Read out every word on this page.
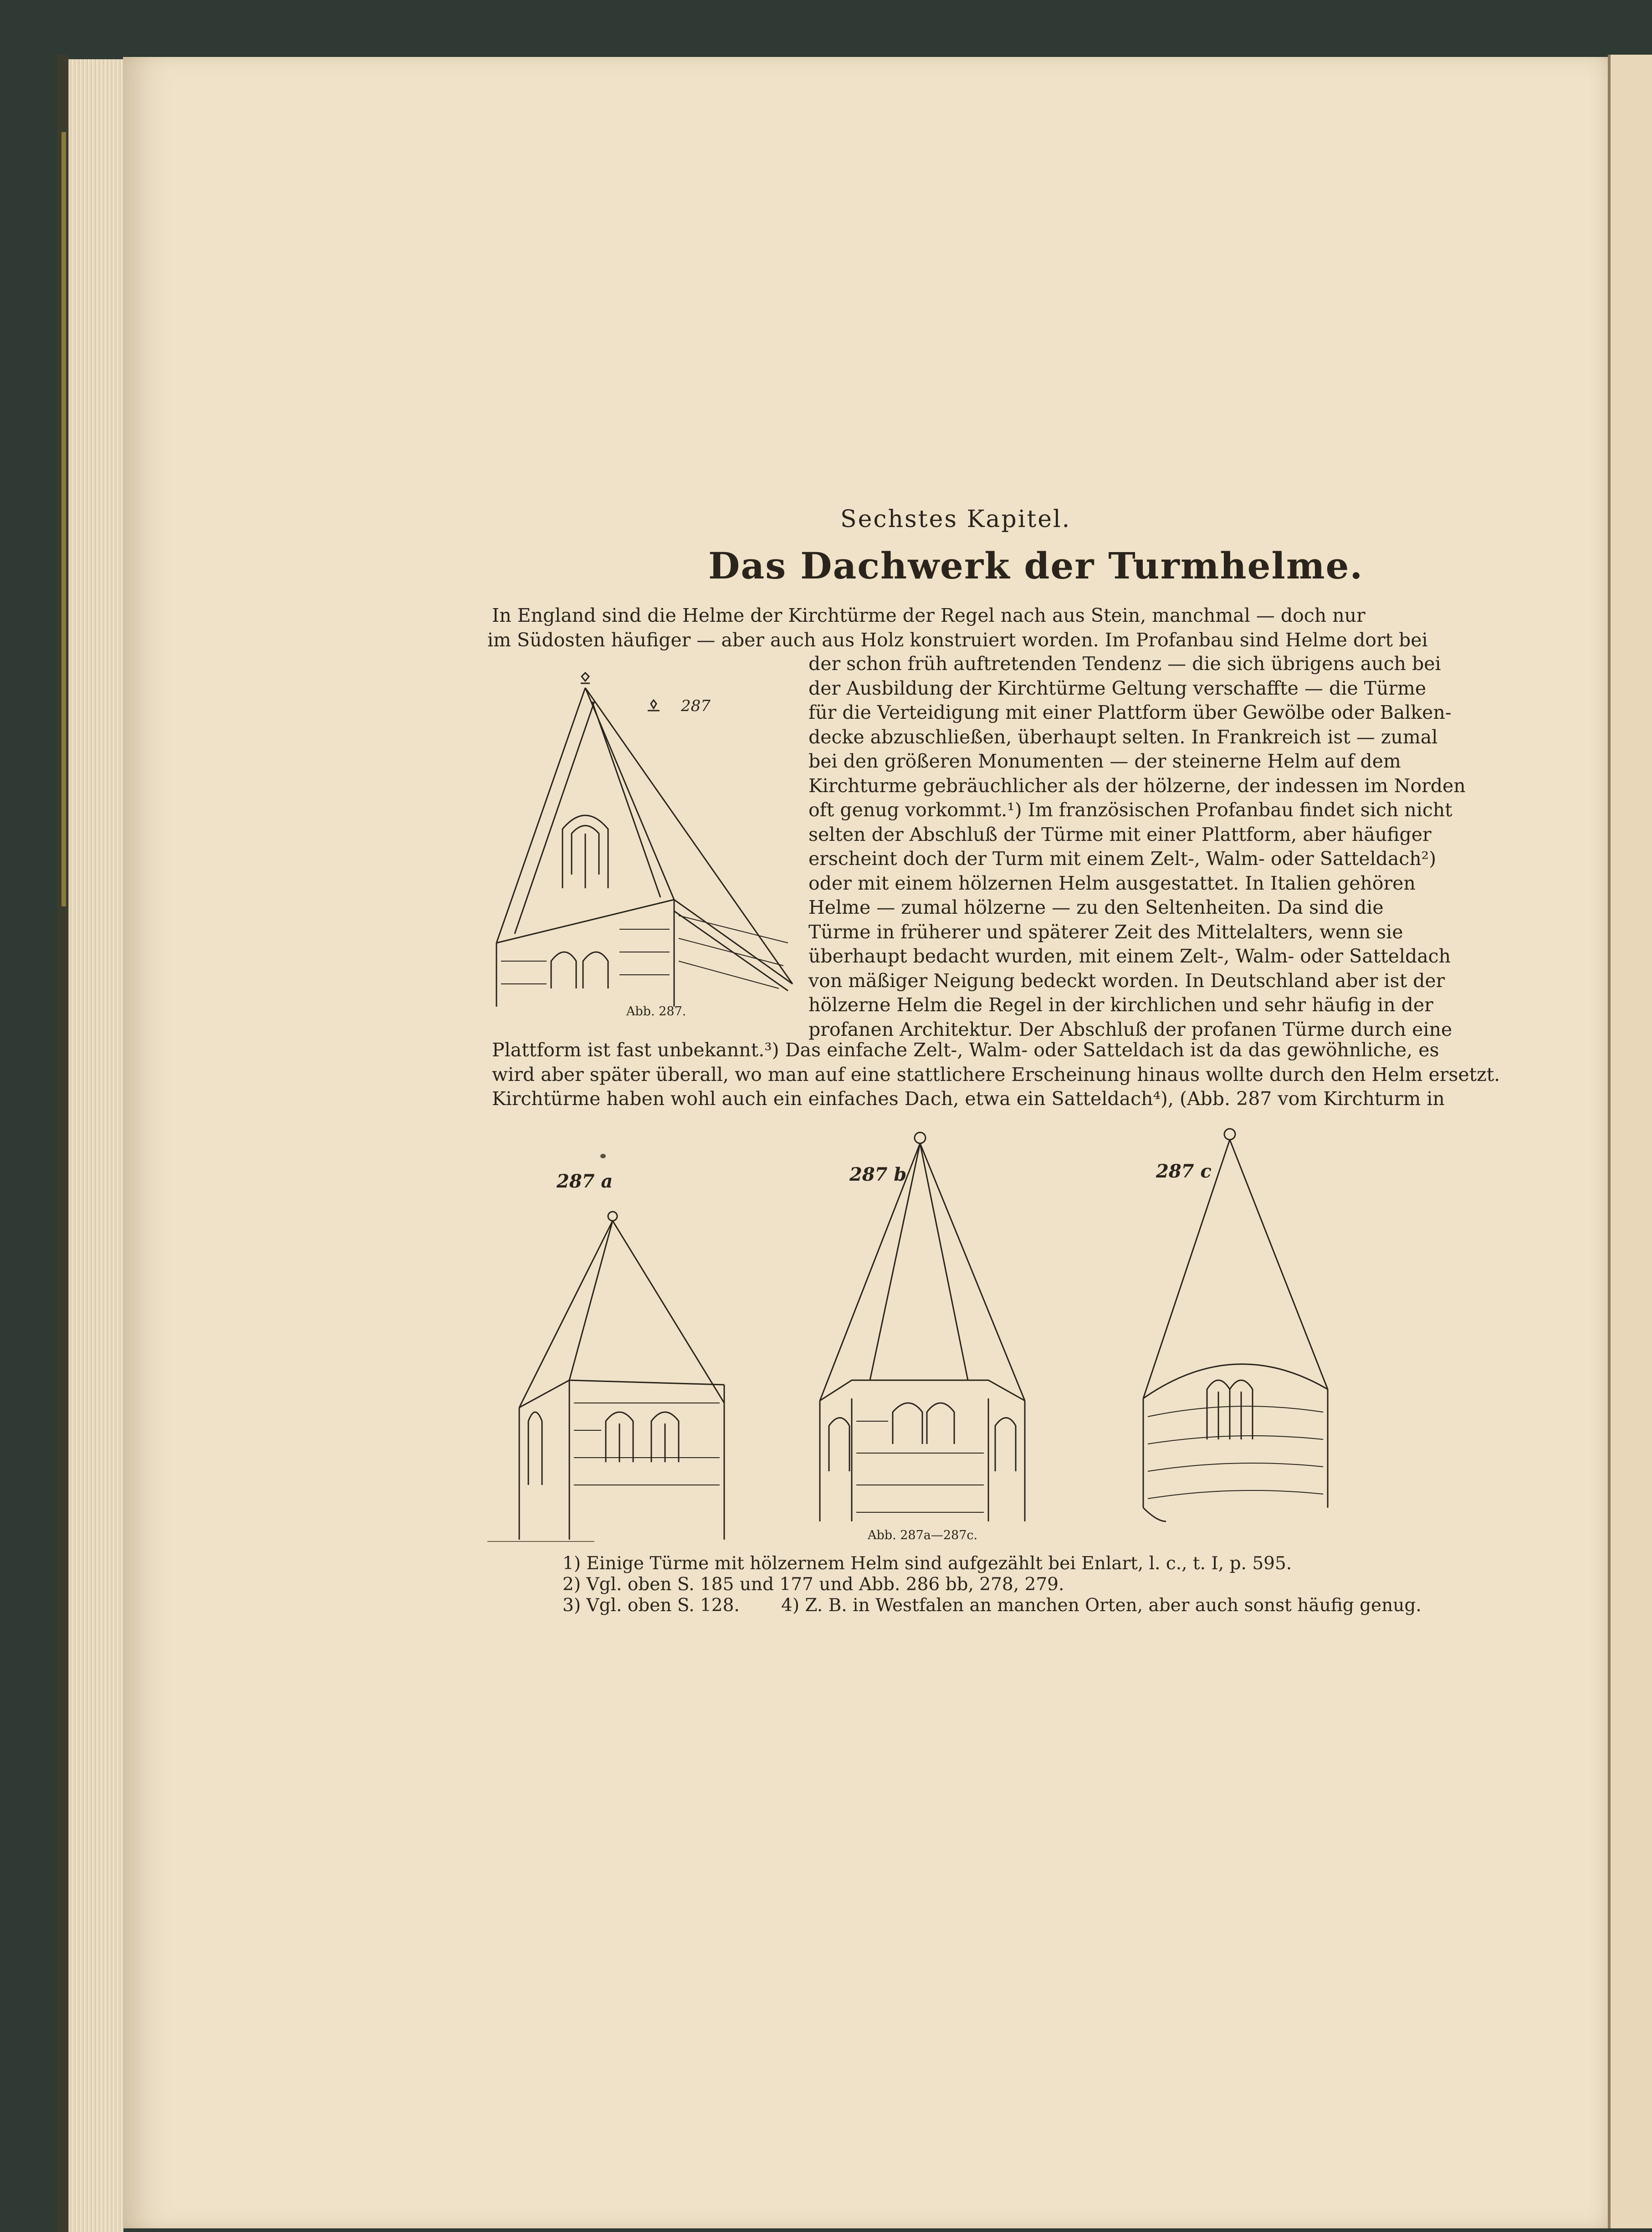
Sechstes Kapitel.
Das Dachwerk der Turmhelme.
In England sind die Helme der Kirchtürme der Regel nach aus Stein, manchmal — doch nur
im Südosten häufiger — aber auch aus Holz konstruiert worden. Im Profanbau sind Helme dort bei
der schon früh auftretenden Tendenz — die sich übrigens auch bei
der Ausbildung der Kirchtürme Geltung verschaffte — die Türme
für die Verteidigung mit einer Plattform über Gewölbe oder Balken-
decke abzuschließen, überhaupt selten. In Frankreich ist — zumal
bei den größeren Monumenten — der steinerne Helm auf dem
Kirchturme gebräuchlicher als der hölzerne, der indessen im Norden
oft genug vorkommt.¹) Im französischen Profanbau findet sich nicht
selten der Abschluß der Türme mit einer Plattform, aber häufiger
erscheint doch der Turm mit einem Zelt-, Walm- oder Satteldach²)
oder mit einem hölzernen Helm ausgestattet. In Italien gehören
Helme — zumal hölzerne — zu den Seltenheiten. Da sind die
Türme in früherer und späterer Zeit des Mittelalters, wenn sie
überhaupt bedacht wurden, mit einem Zelt-, Walm- oder Satteldach
von mäßiger Neigung bedeckt worden. In Deutschland aber ist der
hölzerne Helm die Regel in der kirchlichen und sehr häufig in der
profanen Architektur. Der Abschluß der profanen Türme durch eine
Plattform ist fast unbekannt.³) Das einfache Zelt-, Walm- oder Satteldach ist da das gewöhnliche, es
wird aber später überall, wo man auf eine stattlichere Erscheinung hinaus wollte durch den Helm ersetzt.
Kirchtürme haben wohl auch ein einfaches Dach, etwa ein Satteldach⁴), (Abb. 287 vom Kirchturm in
287
Abb. 287.
287 a	287 b	287 c
Abb. 287a—287c.
1) Einige Türme mit hölzernem Helm sind aufgezählt bei Enlart, l. c., t. I, p. 595.
2) Vgl. oben S. 185 und 177 und Abb. 286 bb, 278, 279.
3) Vgl. oben S. 128.	4) Z. B. in Westfalen an manchen Orten, aber auch sonst häufig genug.
